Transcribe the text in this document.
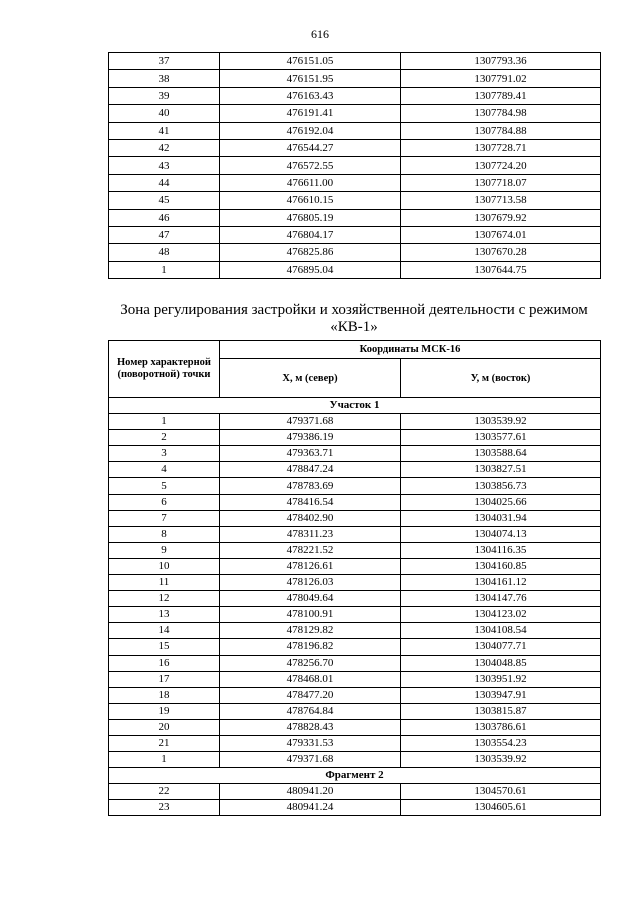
616
37	476151.05	1307793.36
38	476151.95	1307791.02
39	476163.43	1307789.41
40	476191.41	1307784.98
41	476192.04	1307784.88
42	476544.27	1307728.71
43	476572.55	1307724.20
44	476611.00	1307718.07
45	476610.15	1307713.58
46	476805.19	1307679.92
47	476804.17	1307674.01
48	476825.86	1307670.28
1	476895.04	1307644.75
Зона регулирования застройки и хозяйственной деятельности с режимом «КВ-1»
Номер характерной (поворотной) точки	Координаты МСК-16	
	X, м (север)	У, м (восток)
Участок 1		
1	479371.68	1303539.92
2	479386.19	1303577.61
3	479363.71	1303588.64
4	478847.24	1303827.51
5	478783.69	1303856.73
6	478416.54	1304025.66
7	478402.90	1304031.94
8	478311.23	1304074.13
9	478221.52	1304116.35
10	478126.61	1304160.85
11	478126.03	1304161.12
12	478049.64	1304147.76
13	478100.91	1304123.02
14	478129.82	1304108.54
15	478196.82	1304077.71
16	478256.70	1304048.85
17	478468.01	1303951.92
18	478477.20	1303947.91
19	478764.84	1303815.87
20	478828.43	1303786.61
21	479331.53	1303554.23
1	479371.68	1303539.92
Фрагмент 2		
22	480941.20	1304570.61
23	480941.24	1304605.61
